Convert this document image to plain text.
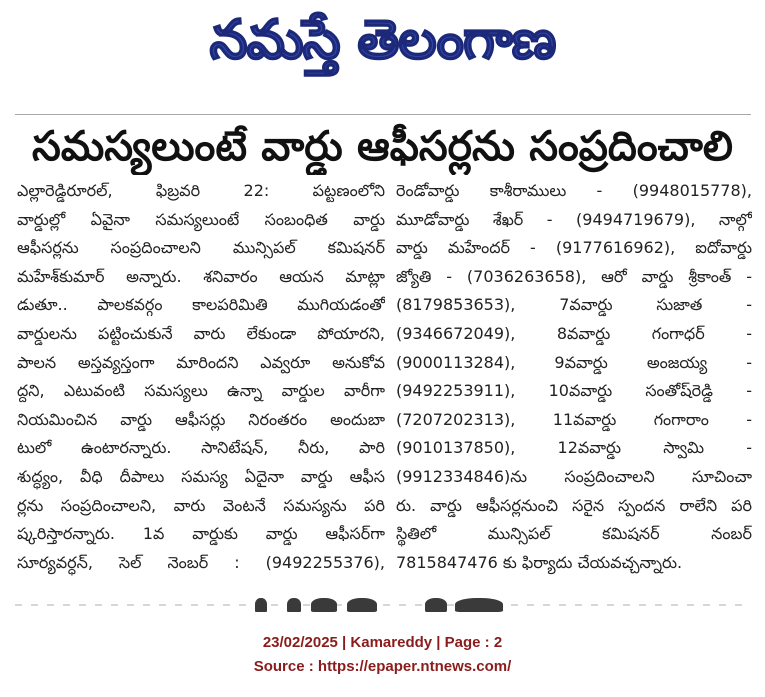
నమస్తే తెలంగాణ
సమస్యలుంటే వార్డు ఆఫీసర్లను సంప్రదించాలి
ఎల్లారెడ్డిరూరల్, ఫిబ్రవరి 22: పట్టణంలోని
వార్డుల్లో ఏవైనా సమస్యలుంటే సంబంధిత వార్డు
ఆఫీసర్లను సంప్రదించాలని మున్సిపల్ కమిషనర్
మహేశ్‌కుమార్ అన్నారు. శనివారం ఆయన మాట్లా
డుతూ.. పాలకవర్గం కాలపరిమితి ముగియడంతో
వార్డులను పట్టించుకునే వారు లేకుండా పోయారని,
పాలన అస్తవ్యస్తంగా మారిందని ఎవ్వరూ అనుకోవ
ద్దని, ఎటువంటి సమస్యలు ఉన్నా వార్డుల వారీగా
నియమించిన వార్డు ఆఫీసర్లు నిరంతరం అందుబా
టులో ఉంటారన్నారు. సానిటేషన్, నీరు, పారి
శుద్ధ్యం, వీధి దీపాలు సమస్య ఏదైనా వార్డు ఆఫీస
ర్లను సంప్రదించాలని, వారు వెంటనే సమస్యను పరి
ష్కరిస్తారన్నారు. 1వ వార్డుకు వార్డు ఆఫీసర్‌గా
సూర్యవర్ధన్, సెల్ నెంబర్ : (9492255376),
రెండోవార్డు కాశీరాములు - (9948015778),
మూడోవార్డు శేఖర్ - (9494719679), నాల్గో
వార్డు మహేందర్ - (9177616962), ఐదోవార్డు
జ్యోతి - (7036263658), ఆరో వార్డు శ్రీకాంత్ -
(8179853653), 7వవార్డు సుజాత -
(9346672049), 8వవార్డు గంగాధర్ -
(9000113284), 9వవార్డు అంజయ్య -
(9492253911), 10వవార్డు సంతోష్‌రెడ్డి -
(7207202313), 11వవార్డు గంగారాం -
(9010137850), 12వవార్డు స్వామి -
(9912334846)ను సంప్రదించాలని సూచించా
రు. వార్డు ఆఫీసర్లనుంచి సరైన స్పందన రాలేని పరి
స్థితిలో మున్సిపల్ కమిషనర్ నంబర్
7815847476 కు ఫిర్యాదు చేయవచ్చన్నారు.
23/02/2025 | Kamareddy | Page : 2
Source : https://epaper.ntnews.com/
